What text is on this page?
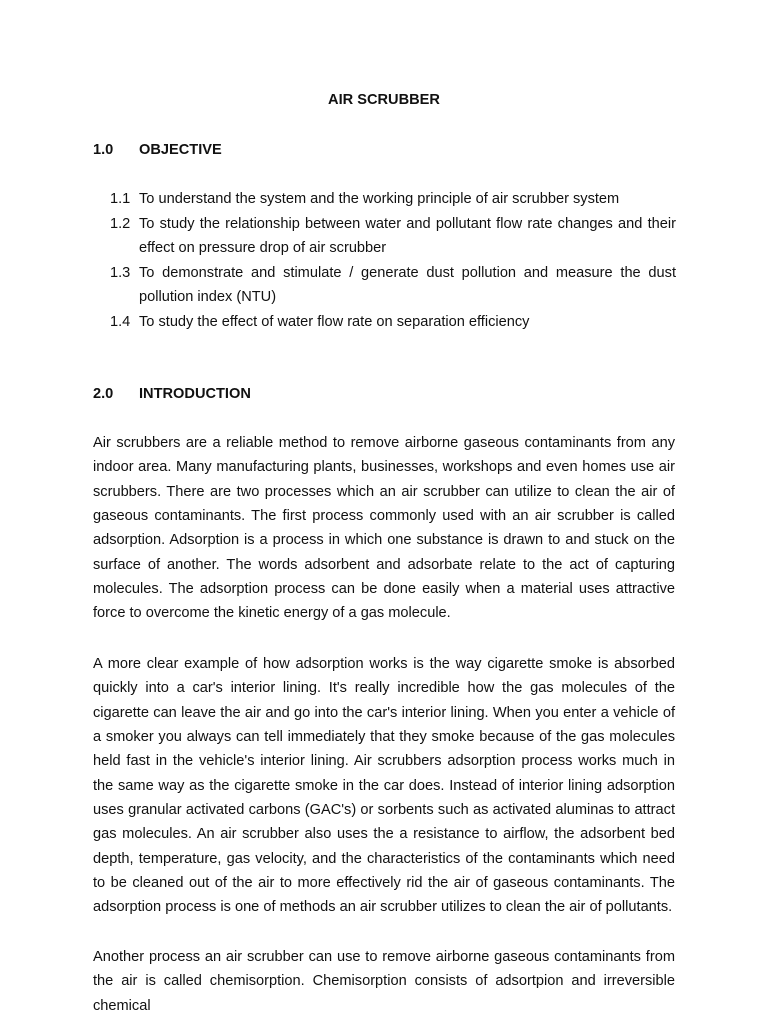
AIR SCRUBBER
1.0 OBJECTIVE
1.1 To understand the system and the working principle of air scrubber system
1.2 To study the relationship between water and pollutant flow rate changes and their effect on pressure drop of air scrubber
1.3 To demonstrate and stimulate / generate dust pollution and measure the dust pollution index (NTU)
1.4 To study the effect of water flow rate on separation efficiency
2.0 INTRODUCTION

Air scrubbers are a reliable method to remove airborne gaseous contaminants from any indoor area. Many manufacturing plants, businesses, workshops and even homes use air scrubbers. There are two processes which an air scrubber can utilize to clean the air of gaseous contaminants. The first process commonly used with an air scrubber is called adsorption. Adsorption is a process in which one substance is drawn to and stuck on the surface of another. The words adsorbent and adsorbate relate to the act of capturing molecules. The adsorption process can be done easily when a material uses attractive force to overcome the kinetic energy of a gas molecule.

A more clear example of how adsorption works is the way cigarette smoke is absorbed quickly into a car's interior lining. It's really incredible how the gas molecules of the cigarette can leave the air and go into the car's interior lining. When you enter a vehicle of a smoker you always can tell immediately that they smoke because of the gas molecules held fast in the vehicle's interior lining. Air scrubbers adsorption process works much in the same way as the cigarette smoke in the car does. Instead of interior lining adsorption uses granular activated carbons (GAC's) or sorbents such as activated aluminas to attract gas molecules. An air scrubber also uses the a resistance to airflow, the adsorbent bed depth, temperature, gas velocity, and the characteristics of the contaminants which need to be cleaned out of the air to more effectively rid the air of gaseous contaminants. The adsorption process is one of methods an air scrubber utilizes to clean the air of pollutants.

Another process an air scrubber can use to remove airborne gaseous contaminants from the air is called chemisorption. Chemisorption consists of adsortpion and irreversible chemical
